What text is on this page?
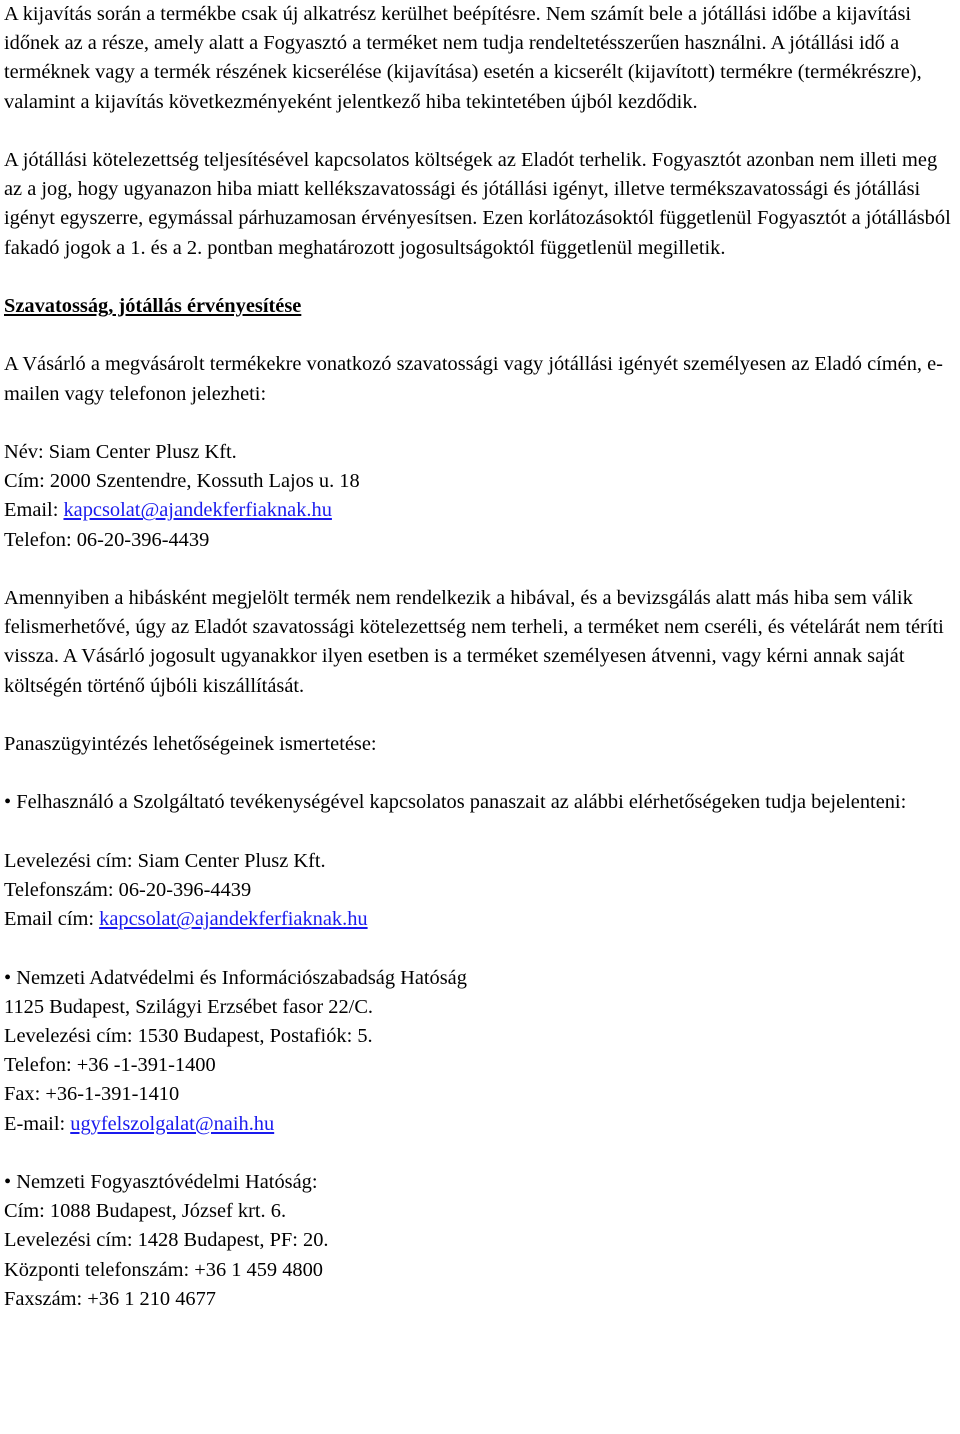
A kijavítás során a termékbe csak új alkatrész kerülhet beépítésre. Nem számít bele a jótállási időbe a kijavítási időnek az a része, amely alatt a Fogyasztó a terméket nem tudja rendeltetésszerűen használni. A jótállási idő a terméknek vagy a termék részének kicserélése (kijavítása) esetén a kicserélt (kijavított) termékre (termékrészre), valamint a kijavítás következményeként jelentkező hiba tekintetében újból kezdődik.

A jótállási kötelezettség teljesítésével kapcsolatos költségek az Eladót terhelik. Fogyasztót azonban nem illeti meg az a jog, hogy ugyanazon hiba miatt kellékszavatossági és jótállási igényt, illetve termékszavatossági és jótállási igényt egyszerre, egymással párhuzamosan érvényesítsen. Ezen korlátozásoktól függetlenül Fogyasztót a jótállásból fakadó jogok a 1. és a 2. pontban meghatározott jogosultságoktól függetlenül megilletik.

Szavatosság, jótállás érvényesítése

A Vásárló a megvásárolt termékekre vonatkozó szavatossági vagy jótállási igényét személyesen az Eladó címén, e-mailen vagy telefonon jelezheti:

Név: Siam Center Plusz Kft.
Cím: 2000 Szentendre, Kossuth Lajos u. 18
Email: kapcsolat@ajandekferfiaknak.hu
Telefon: 06-20-396-4439

Amennyiben a hibásként megjelölt termék nem rendelkezik a hibával, és a bevizsgálás alatt más hiba sem válik felismerhetővé, úgy az Eladót szavatossági kötelezettség nem terheli, a terméket nem cseréli, és vételárát nem téríti vissza. A Vásárló jogosult ugyanakkor ilyen esetben is a terméket személyesen átvenni, vagy kérni annak saját költségén történő újbóli kiszállítását.

Panaszügyintézés lehetőségeinek ismertetése:

• Felhasználó a Szolgáltató tevékenységével kapcsolatos panaszait az alábbi elérhetőségeken tudja bejelenteni:

Levelezési cím: Siam Center Plusz Kft.
Telefonszám: 06-20-396-4439
Email cím: kapcsolat@ajandekferfiaknak.hu
• Nemzeti Adatvédelmi és Információszabadság Hatóság
1125 Budapest, Szilágyi Erzsébet fasor 22/C.
Levelezési cím: 1530 Budapest, Postafiók: 5.
Telefon: +36 -1-391-1400
Fax: +36-1-391-1410
E-mail: ugyfelszolgalat@naih.hu
• Nemzeti Fogyasztóvédelmi Hatóság:
Cím: 1088 Budapest, József krt. 6.
Levelezési cím: 1428 Budapest, PF: 20.
Központi telefonszám: +36 1 459 4800
Faxszám: +36 1 210 4677
